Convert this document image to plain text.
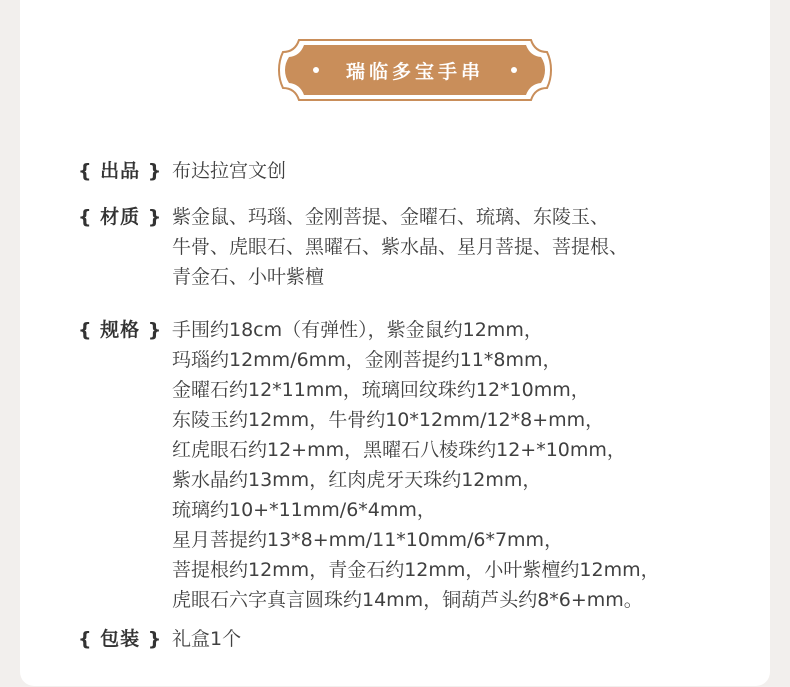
瑞临多宝手串
{ 出品 } 布达拉宫文创
{ 材质 } 紫金鼠、玛瑙、金刚菩提、金曜石、琉璃、东陵玉、
牛骨、虎眼石、黑曜石、紫水晶、星月菩提、菩提根、
青金石、小叶紫檀
{ 规格 } 手围约18cm（有弹性），紫金鼠约12mm，
玛瑙约12mm/6mm，金刚菩提约11*8mm，
金曜石约12*11mm，琉璃回纹珠约12*10mm，
东陵玉约12mm，牛骨约10*12mm/12*8+mm，
红虎眼石约12+mm，黑曜石八棱珠约12+*10mm，
紫水晶约13mm，红肉虎牙天珠约12mm，
琉璃约10+*11mm/6*4mm，
星月菩提约13*8+mm/11*10mm/6*7mm，
菩提根约12mm，青金石约12mm，小叶紫檀约12mm，
虎眼石六字真言圆珠约14mm，铜葫芦头约8*6+mm。
{ 包装 } 礼盒1个
